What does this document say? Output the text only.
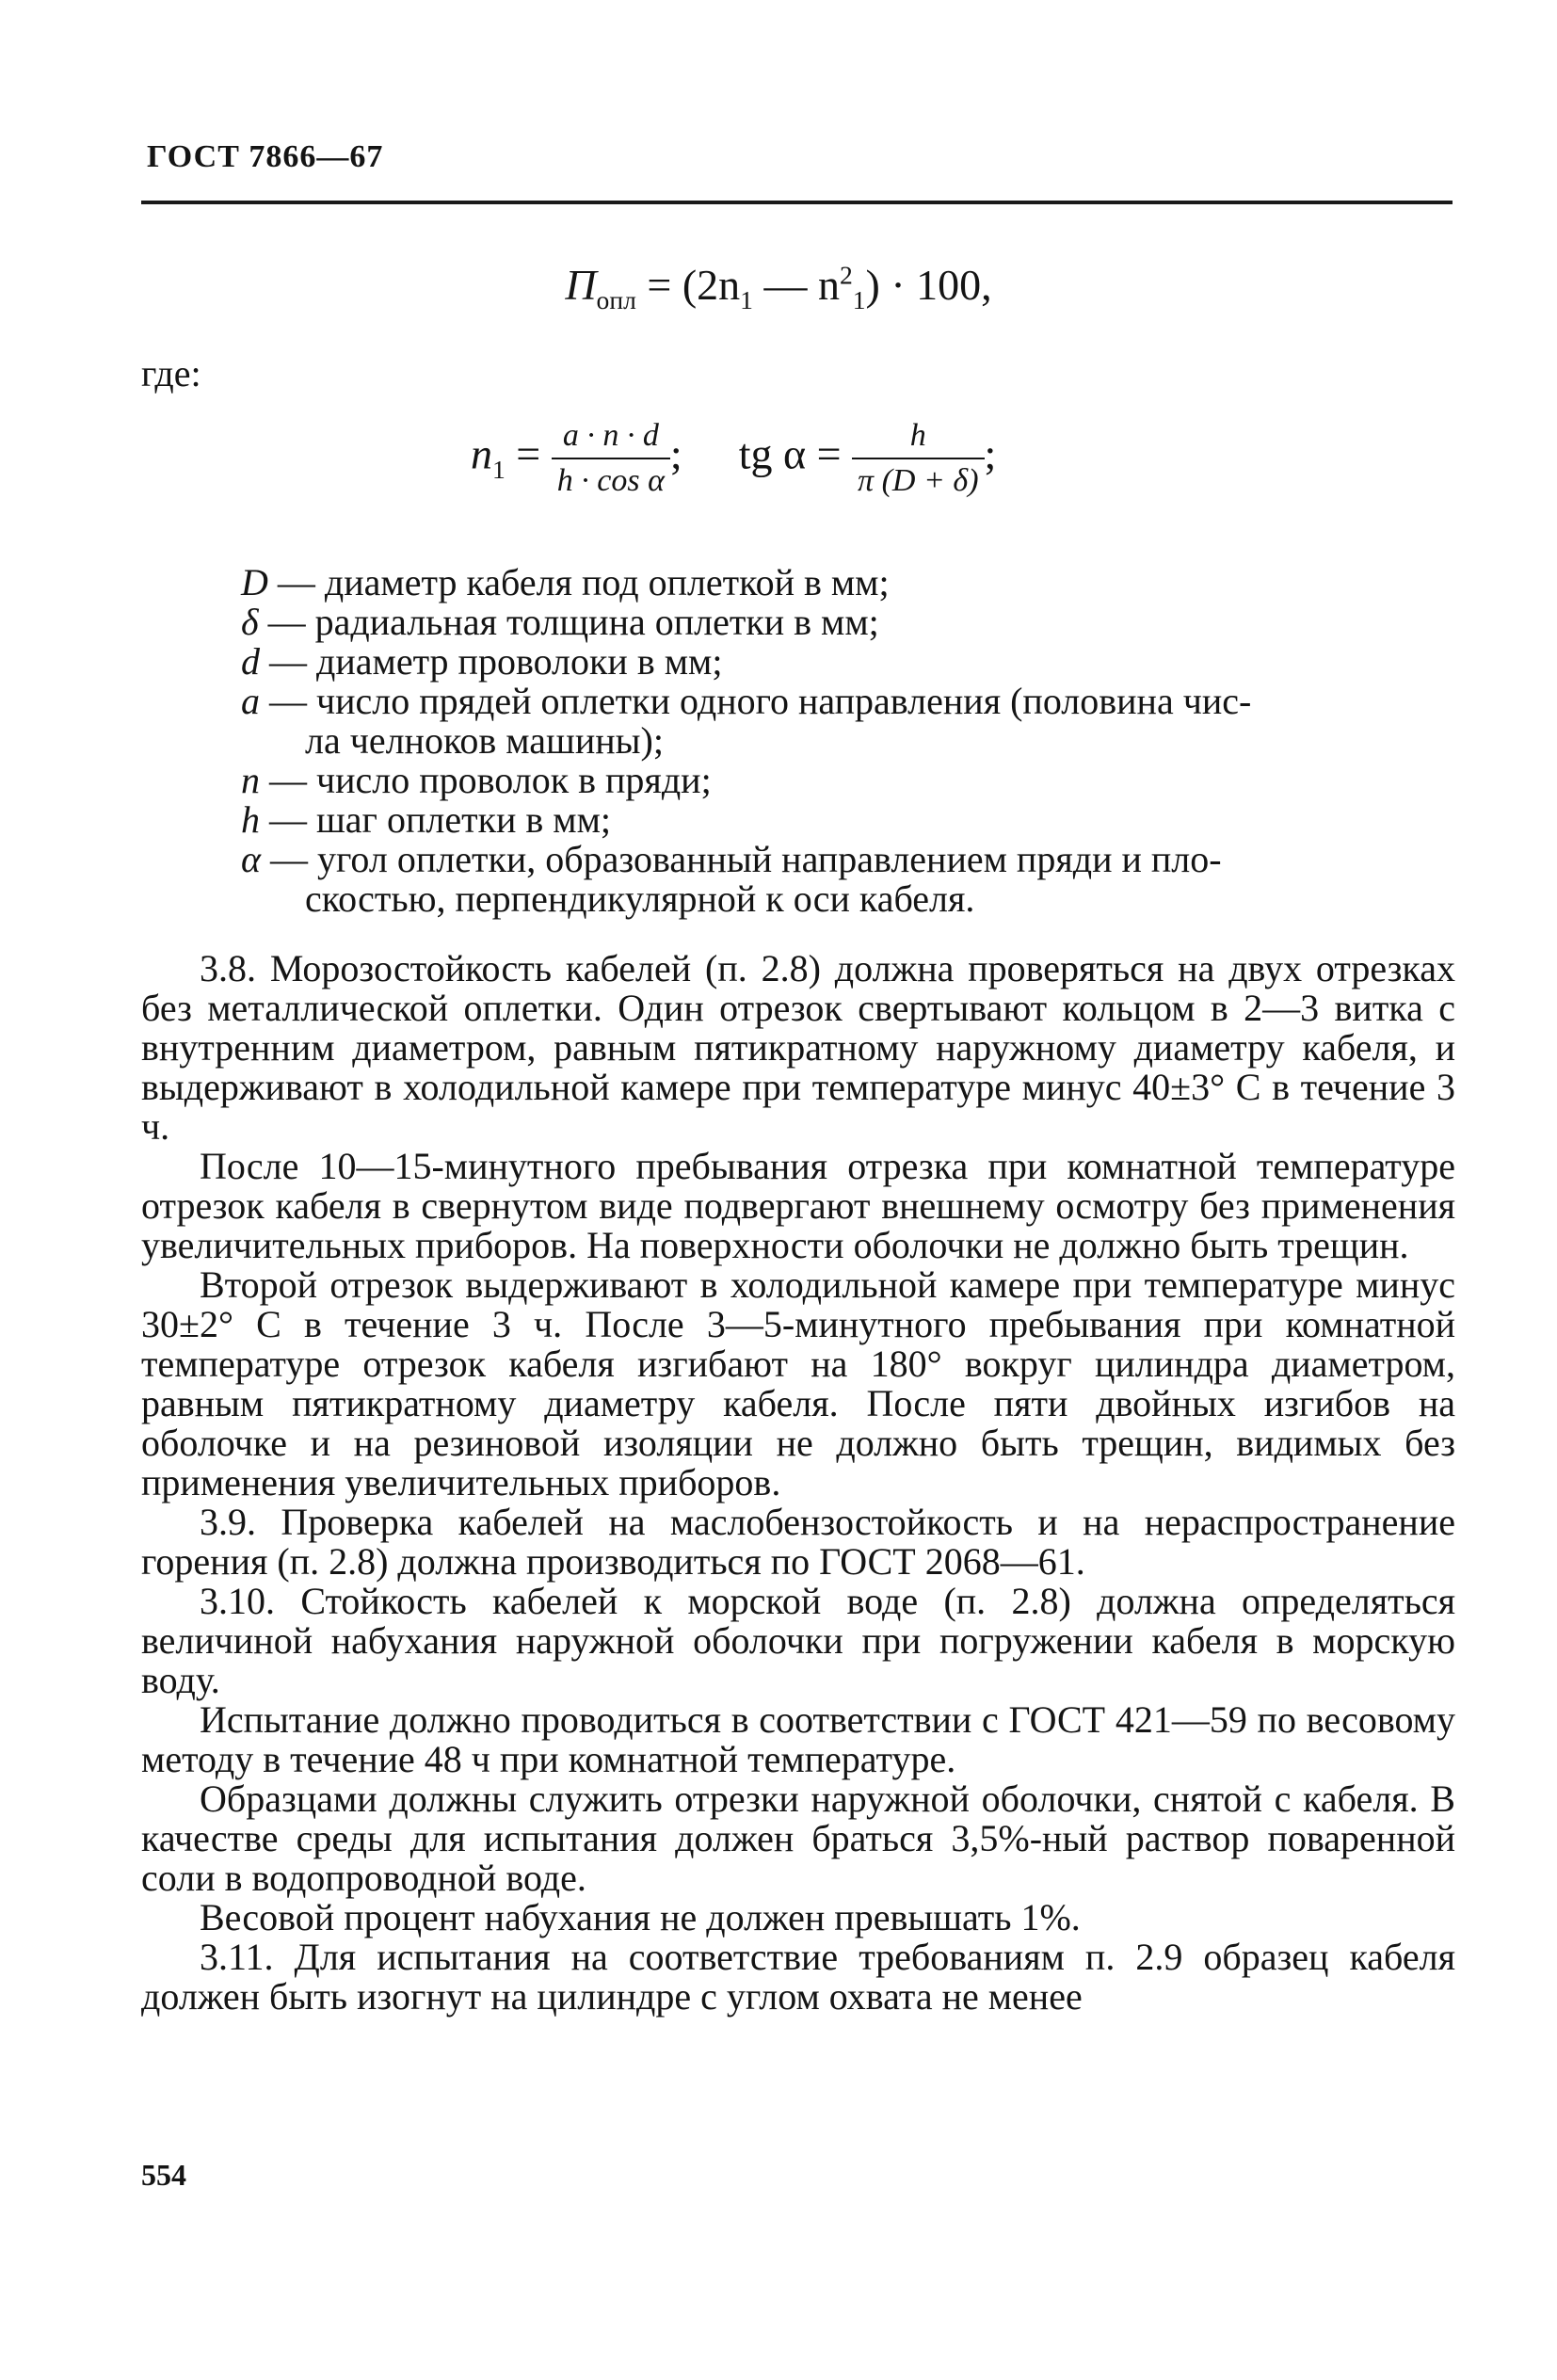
ГОСТ 7866—67
$П_{опл} = (2n_1$ — $n^2_1) \cdot 100$,
где:
$n_1 = \frac{a \cdot n \cdot d}{\text{h · cos α}}$ ; tg $\alpha = \frac{h}{\pi (D + \delta)}$ ;
D — диаметр кабеля под оплеткой в мм;
δ — радиальная толщина оплетки в мм;
d — диаметр проволоки в мм;
a — число прядей оплетки одного направления (половина чис-
ла челноков машины);
n — число проволок в пряди;
h — шаг оплетки в мм;
α — угол оплетки, образованный направлением пряди и пло-
скостью, перпендикулярной к оси кабеля.

3.8. Морозостойкость кабелей (п. 2.8) должна проверяться на двух отрезках без металлической оплетки. Один отрезок свертывают кольцом в 2—3 витка с внутренним диаметром, равным пятикратному наружному диаметру кабеля, и выдерживают в холодильной камере при температуре минус 40±3° С в течение 3 ч.

После 10—15-минутного пребывания отрезка при комнатной температуре отрезок кабеля в свернутом виде подвергают внешнему осмотру без применения увеличительных приборов. На поверхности оболочки не должно быть трещин.

Второй отрезок выдерживают в холодильной камере при температуре минус 30±2° С в течение 3 ч. После 3—5-минутного пребывания при комнатной температуре отрезок кабеля изгибают на 180° вокруг цилиндра диаметром, равным пятикратному диаметру кабеля. После пяти двойных изгибов на оболочке и на резиновой изоляции не должно быть трещин, видимых без применения увеличительных приборов.

3.9. Проверка кабелей на маслобензостойкость и на нераспространение горения (п. 2.8) должна производиться по ГОСТ 2068—61.

3.10. Стойкость кабелей к морской воде (п. 2.8) должна определяться величиной набухания наружной оболочки при погружении кабеля в морскую воду.

Испытание должно проводиться в соответствии с ГОСТ 421—59 по весовому методу в течение 48 ч при комнатной температуре.

Образцами должны служить отрезки наружной оболочки, снятой с кабеля. В качестве среды для испытания должен браться 3,5%-ный раствор поваренной соли в водопроводной воде.

Весовой процент набухания не должен превышать 1%.

3.11. Для испытания на соответствие требованиям п. 2.9 образец кабеля должен быть изогнут на цилиндре с углом охвата не менее

554
